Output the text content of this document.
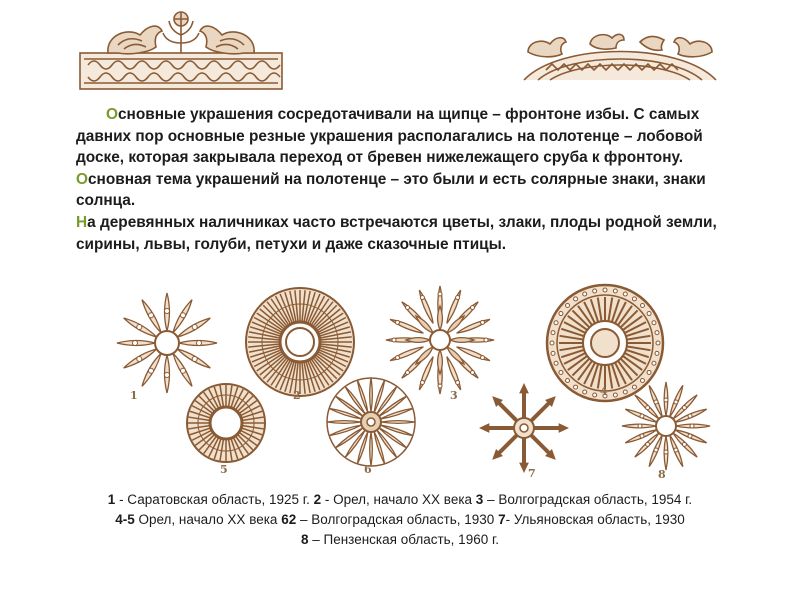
Основные украшения сосредотачивали на щипце – фронтоне избы. С самых давних пор основные резные украшения располагались на полотенце – лобовой доске, которая закрывала переход от бревен нижележащего сруба к фронтону.

Основная тема украшений на полотенце – это были и есть солярные знаки, знаки солнца.

На деревянных наличниках часто встречаются цветы, злаки, плоды родной земли, сирины, львы, голуби, петухи и даже сказочные птицы.

1	2	3	4
5	6	7	8

1 - Саратовская область, 1925 г. 2 - Орел, начало XX века 3 – Волгоградская область, 1954 г.

4-5 Орел, начало XX века 62 – Волгоградская область, 1930 7- Ульяновская область, 1930

8 – Пензенская область, 1960 г.
